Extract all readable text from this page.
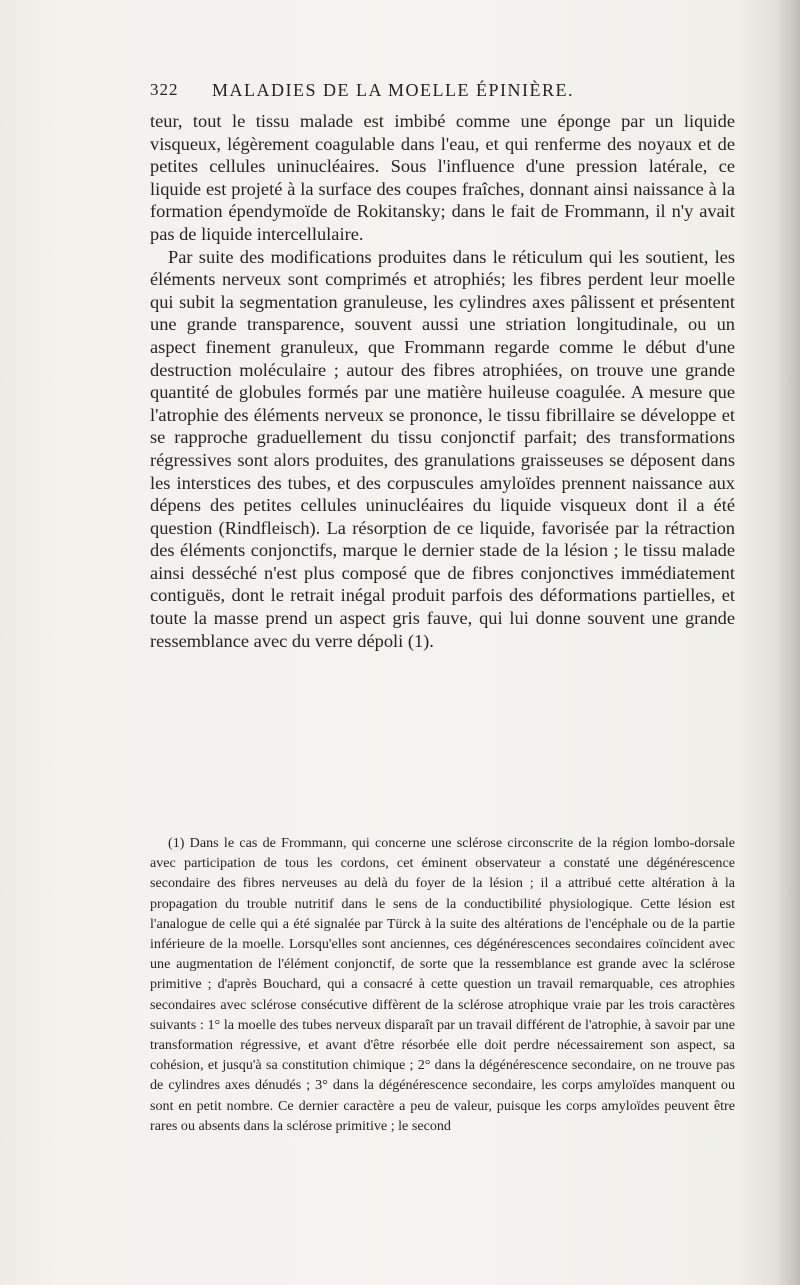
322 MALADIES DE LA MOELLE ÉPINIÈRE.

teur, tout le tissu malade est imbibé comme une éponge par un liquide visqueux, légèrement coagulable dans l'eau, et qui renferme des noyaux et de petites cellules uninucléaires. Sous l'influence d'une pression latérale, ce liquide est projeté à la surface des coupes fraîches, donnant ainsi naissance à la formation épendymoïde de Rokitansky; dans le fait de Frommann, il n'y avait pas de liquide intercellulaire.

Par suite des modifications produites dans le réticulum qui les soutient, les éléments nerveux sont comprimés et atrophiés; les fibres perdent leur moelle qui subit la segmentation granuleuse, les cylindres axes pâlissent et présentent une grande transparence, souvent aussi une striation longitudinale, ou un aspect finement granuleux, que Frommann regarde comme le début d'une destruction moléculaire ; autour des fibres atrophiées, on trouve une grande quantité de globules formés par une matière huileuse coagulée. A mesure que l'atrophie des éléments nerveux se prononce, le tissu fibrillaire se développe et se rapproche graduellement du tissu conjonctif parfait; des transformations régressives sont alors produites, des granulations graisseuses se déposent dans les interstices des tubes, et des corpuscules amyloïdes prennent naissance aux dépens des petites cellules uninucléaires du liquide visqueux dont il a été question (Rindfleisch). La résorption de ce liquide, favorisée par la rétraction des éléments conjonctifs, marque le dernier stade de la lésion ; le tissu malade ainsi desséché n'est plus composé que de fibres conjonctives immédiatement contiguës, dont le retrait inégal produit parfois des déformations partielles, et toute la masse prend un aspect gris fauve, qui lui donne souvent une grande ressemblance avec du verre dépoli (1).

(1) Dans le cas de Frommann, qui concerne une sclérose circonscrite de la région lombo-dorsale avec participation de tous les cordons, cet éminent observateur a constaté une dégénérescence secondaire des fibres nerveuses au delà du foyer de la lésion ; il a attribué cette altération à la propagation du trouble nutritif dans le sens de la conductibilité physiologique. Cette lésion est l'analogue de celle qui a été signalée par Türck à la suite des altérations de l'encéphale ou de la partie inférieure de la moelle. Lorsqu'elles sont anciennes, ces dégénérescences secondaires coïncident avec une augmentation de l'élément conjonctif, de sorte que la ressemblance est grande avec la sclérose primitive ; d'après Bouchard, qui a consacré à cette question un travail remarquable, ces atrophies secondaires avec sclérose consécutive diffèrent de la sclérose atrophique vraie par les trois caractères suivants : 1° la moelle des tubes nerveux disparaît par un travail différent de l'atrophie, à savoir par une transformation régressive, et avant d'être résorbée elle doit perdre nécessairement son aspect, sa cohésion, et jusqu'à sa constitution chimique ; 2° dans la dégénérescence secondaire, on ne trouve pas de cylindres axes dénudés ; 3° dans la dégénérescence secondaire, les corps amyloïdes manquent ou sont en petit nombre. Ce dernier caractère a peu de valeur, puisque les corps amyloïdes peuvent être rares ou absents dans la sclérose primitive ; le second
